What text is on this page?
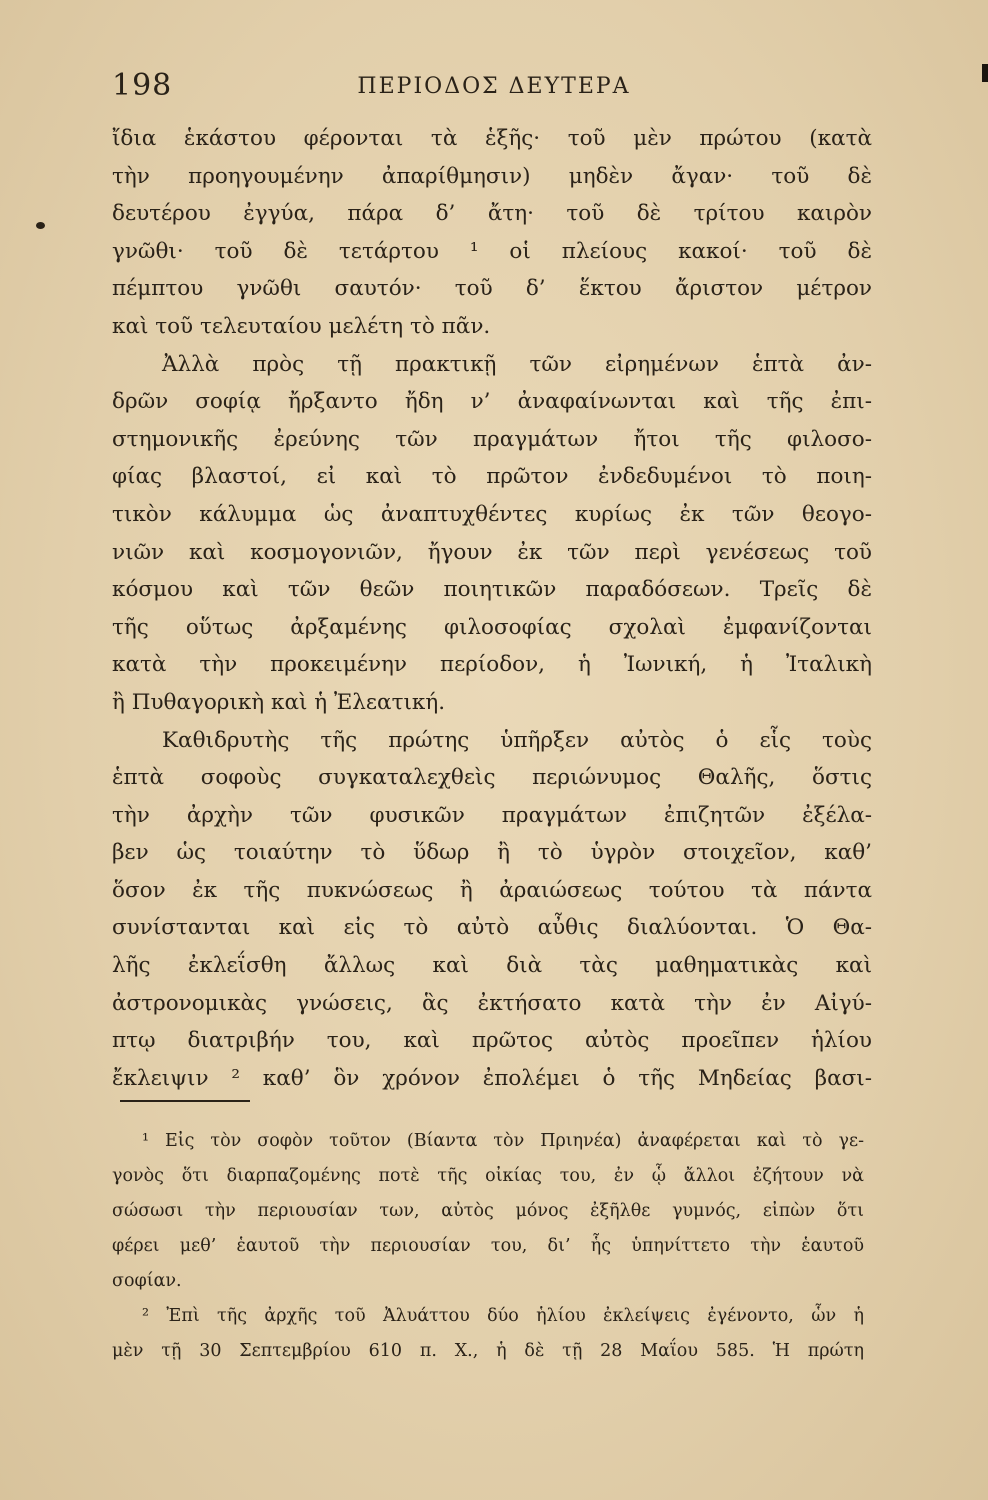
198	ΠΕΡΙΟΔΟΣ ΔΕΥΤΕΡΑ
ἴδια ἑκάστου φέρονται τὰ ἑξῆς· τοῦ μὲν πρώτου (κατὰ
τὴν προηγουμένην ἀπαρίθμησιν) μηδὲν ἄγαν· τοῦ δὲ
δευτέρου ἐγγύα, πάρα δ’ ἄτη· τοῦ δὲ τρίτου καιρὸν
γνῶθι· τοῦ δὲ τετάρτου ¹ οἱ πλείους κακοί· τοῦ δὲ
πέμπτου γνῶθι σαυτόν· τοῦ δ’ ἕκτου ἄριστον μέτρον
καὶ τοῦ τελευταίου μελέτη τὸ πᾶν.
Ἀλλὰ πρὸς τῇ πρακτικῇ τῶν εἰρημένων ἑπτὰ ἀν-
δρῶν σοφίᾳ ἤρξαντο ἤδη ν’ ἀναφαίνωνται καὶ τῆς ἐπι-
στημονικῆς ἐρεύνης τῶν πραγμάτων ἤτοι τῆς φιλοσο-
φίας βλαστοί, εἰ καὶ τὸ πρῶτον ἐνδεδυμένοι τὸ ποιη-
τικὸν κάλυμμα ὡς ἀναπτυχθέντες κυρίως ἐκ τῶν θεογο-
νιῶν καὶ κοσμογονιῶν, ἤγουν ἐκ τῶν περὶ γενέσεως τοῦ
κόσμου καὶ τῶν θεῶν ποιητικῶν παραδόσεων. Τρεῖς δὲ
τῆς οὕτως ἀρξαμένης φιλοσοφίας σχολαὶ ἐμφανίζονται
κατὰ τὴν προκειμένην περίοδον, ἡ Ἰωνική, ἡ Ἰταλικὴ
ἢ Πυθαγορικὴ καὶ ἡ Ἐλεατική.
Καθιδρυτὴς τῆς πρώτης ὑπῆρξεν αὐτὸς ὁ εἷς τοὺς
ἑπτὰ σοφοὺς συγκαταλεχθεὶς περιώνυμος Θαλῆς, ὅστις
τὴν ἀρχὴν τῶν φυσικῶν πραγμάτων ἐπιζητῶν ἐξέλα-
βεν ὡς τοιαύτην τὸ ὕδωρ ἢ τὸ ὑγρὸν στοιχεῖον, καθ’
ὅσον ἐκ τῆς πυκνώσεως ἢ ἀραιώσεως τούτου τὰ πάντα
συνίστανται καὶ εἰς τὸ αὐτὸ αὖθις διαλύονται. Ὁ Θα-
λῆς ἐκλεΐσθη ἄλλως καὶ διὰ τὰς μαθηματικὰς καὶ
ἀστρονομικὰς γνώσεις, ἃς ἐκτήσατο κατὰ τὴν ἐν Αἰγύ-
πτῳ διατριβήν του, καὶ πρῶτος αὐτὸς προεῖπεν ἡλίου
ἔκλειψιν ² καθ’ ὃν χρόνον ἐπολέμει ὁ τῆς Μηδείας βασι-
¹ Εἰς τὸν σοφὸν τοῦτον (Βίαντα τὸν Πριηνέα) ἀναφέρεται καὶ τὸ γε-
γονὸς ὅτι διαρπαζομένης ποτὲ τῆς οἰκίας του, ἐν ᾧ ἄλλοι ἐζήτουν νὰ
σώσωσι τὴν περιουσίαν των, αὐτὸς μόνος ἐξῆλθε γυμνός, εἰπὼν ὅτι
φέρει μεθ’ ἑαυτοῦ τὴν περιουσίαν του, δι’ ἧς ὑπηνίττετο τὴν ἑαυτοῦ
σοφίαν.
² Ἐπὶ τῆς ἀρχῆς τοῦ Ἀλυάττου δύο ἡλίου ἐκλείψεις ἐγένοντο, ὧν ἡ
μὲν τῇ 30 Σεπτεμβρίου 610 π. Χ., ἡ δὲ τῇ 28 Μαΐου 585. Ἡ πρώτη
